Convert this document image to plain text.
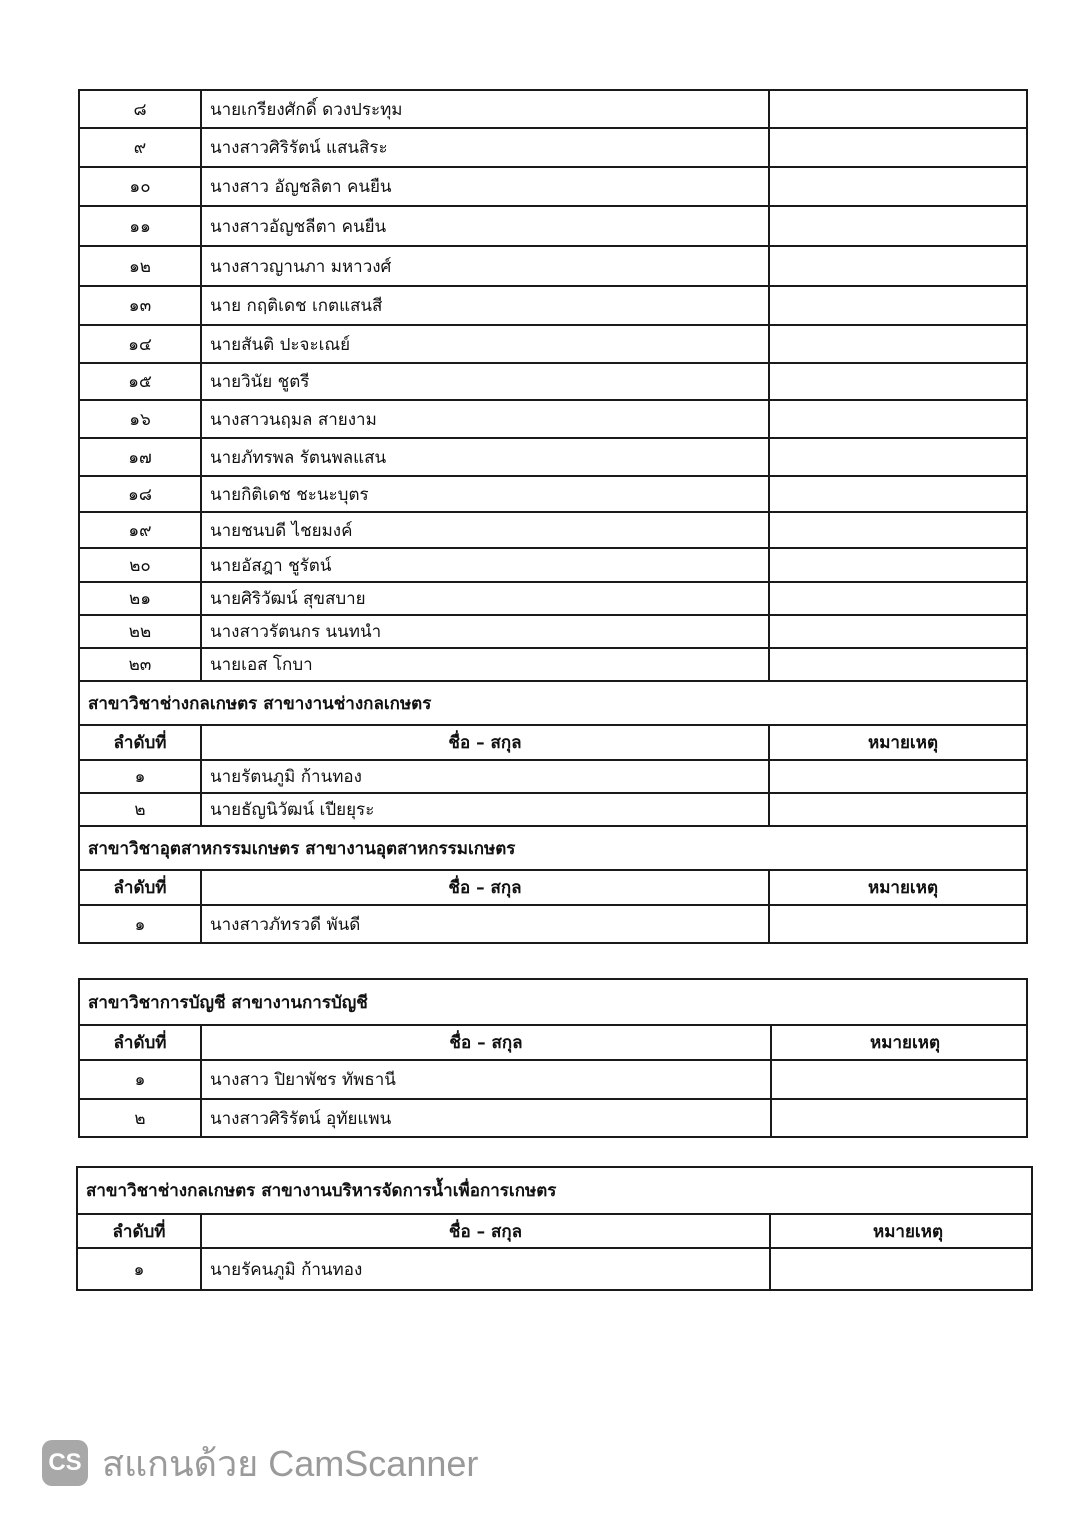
๘	นายเกรียงศักดิ์ ดวงประทุม	
๙	นางสาวศิริรัตน์ แสนสิระ	
๑๐	นางสาว อัญชลิตา คนยืน	
๑๑	นางสาวอัญชลีตา คนยืน	
๑๒	นางสาวญานภา มหาวงศ์	
๑๓	นาย กฤติเดช เกตแสนสี	
๑๔	นายสันติ ปะจะเณย์	
๑๕	นายวินัย ชูตรี	
๑๖	นางสาวนฤมล สายงาม	
๑๗	นายภัทรพล รัตนพลแสน	
๑๘	นายกิติเดช ชะนะบุตร	
๑๙	นายชนบดี ไชยมงค์	
๒๐	นายอัสฎา ชูรัตน์	
๒๑	นายศิริวัฒน์ สุขสบาย	
๒๒	นางสาวรัตนกร นนทนำ	
๒๓	นายเอส โกบา	
สาขาวิชาช่างกลเกษตร สาขางานช่างกลเกษตร		
ลำดับที่	ชื่อ – สกุล	หมายเหตุ
๑	นายรัตนภูมิ ก้านทอง	
๒	นายธัญนิวัฒน์ เปียยุระ	
สาขาวิชาอุตสาหกรรมเกษตร สาขางานอุตสาหกรรมเกษตร		
ลำดับที่	ชื่อ – สกุล	หมายเหตุ
๑	นางสาวภัทรวดี พันดี	
สาขาวิชาการบัญชี สาขางานการบัญชี		
ลำดับที่	ชื่อ – สกุล	หมายเหตุ
๑	นางสาว ปิยาพัชร ทัพธานี	
๒	นางสาวศิริรัตน์ อุทัยแพน	
สาขาวิชาช่างกลเกษตร สาขางานบริหารจัดการน้ำเพื่อการเกษตร		
ลำดับที่	ชื่อ – สกุล	หมายเหตุ
๑	นายรัคนภูมิ ก้านทอง	
CS สแกนด้วย CamScanner
